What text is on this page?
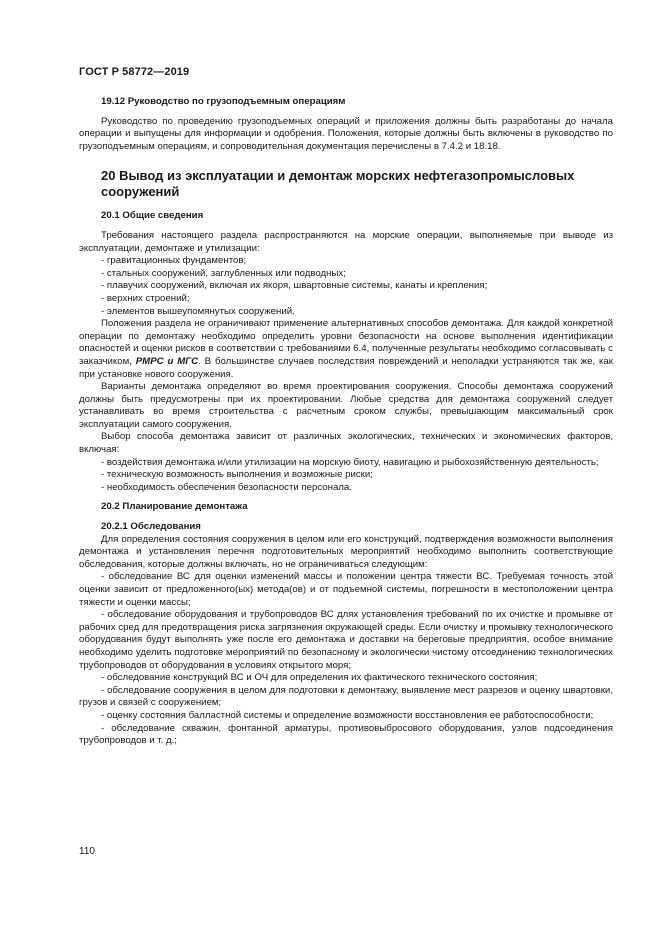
ГОСТ Р 58772—2019
19.12 Руководство по грузоподъемным операциям

Руководство по проведению грузоподъемных операций и приложения должны быть разработаны до начала операции и выпущены для информации и одобрения. Положения, которые должны быть включены в руководство по грузоподъемным операциям, и сопроводительная документация перечислены в 7.4.2 и 18.18.

20 Вывод из эксплуатации и демонтаж морских нефтегазопромысловых сооружений
20.1 Общие сведения

Требования настоящего раздела распространяются на морские операции, выполняемые при выводе из эксплуатации, демонтаже и утилизации:

- гравитационных фундаментов;

- стальных сооружений, заглубленных или подводных;

- плавучих сооружений, включая их якоря, швартовные системы, канаты и крепления;

- верхних строений;

- элементов вышеупомянутых сооружений.

Положения раздела не ограничивают применение альтернативных способов демонтажа. Для каждой конкретной операции по демонтажу необходимо определить уровни безопасности на основе выполнения идентификации опасностей и оценки рисков в соответствии с требованиями 6.4, полученные результаты необходимо согласовывать с заказчиком, РМРС и МГС. В большинстве случаев последствия повреждений и неполадки устраняются так же, как при установке нового сооружения.

Варианты демонтажа определяют во время проектирования сооружения. Способы демонтажа сооружений должны быть предусмотрены при их проектировании. Любые средства для демонтажа сооружений следует устанавливать во время строительства с расчетным сроком службы, превышающим максимальный срок эксплуатации самого сооружения.

Выбор способа демонтажа зависит от различных экологических, технических и экономических факторов, включая:

- воздействия демонтажа и/или утилизации на морскую биоту, навигацию и рыбохозяйственную деятельность;

- техническую возможность выполнения и возможные риски;

- необходимость обеспечения безопасности персонала.

20.2 Планирование демонтажа
20.2.1 Обследования

Для определения состояния сооружения в целом или его конструкций, подтверждения возможности выполнения демонтажа и установления перечня подготовительных мероприятий необходимо выполнить соответствующие обследования, которые должны включать, но не ограничиваться следующим:

- обследование ВС для оценки изменений массы и положении центра тяжести ВС. Требуемая точность этой оценки зависит от предложенного(ых) метода(ов) и от подъемной системы, погрешности в местоположении центра тяжести и оценки массы;

- обследование оборудования и трубопроводов ВС длях установления требований по их очистке и промывке от рабочих сред для предотвращения риска загрязнения окружающей среды. Если очистку и промывку технологического оборудования будут выполнять уже после его демонтажа и доставки на береговые предприятия, особое внимание необходимо уделить подготовке мероприятий по безопасному и экологически чистому отсоединению технологических трубопроводов от оборудования в условиях открытого моря;

- обследование конструкций ВС и ОЧ для определения их фактического технического состояния;

- обследование сооружения в целом для подготовки к демонтажу, выявление мест разрезов и оценку швартовки, грузов и связей с сооружением;

- оценку состояния балластной системы и определение возможности восстановления ее работоспособности;

- обследование скважин, фонтанной арматуры, противовыбросового оборудования, узлов подсоединения трубопроводов и т. д.;

110
